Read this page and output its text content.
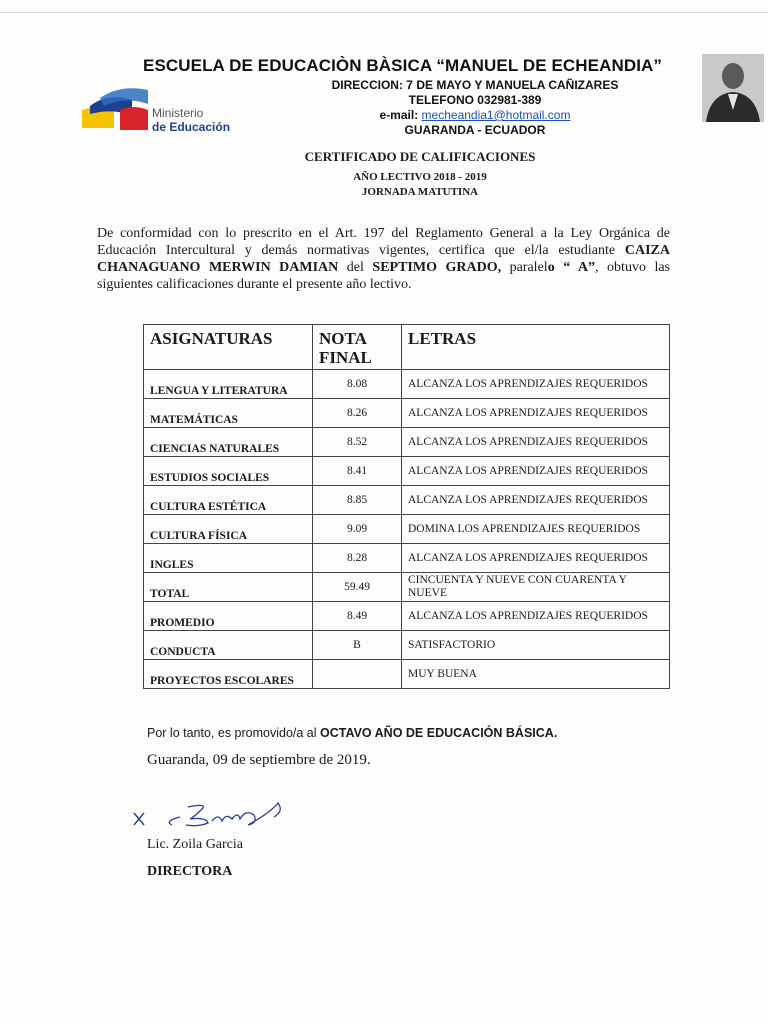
Ministerio
de Educación
ESCUELA DE EDUCACIÒN BÀSICA “MANUEL DE ECHEANDIA”
DIRECCION: 7 DE MAYO Y MANUELA CAÑIZARES
TELEFONO 032981-389
e-mail: mecheandia1@hotmail.com
GUARANDA - ECUADOR
CERTIFICADO DE CALIFICACIONES
AÑO LECTIVO 2018 - 2019
JORNADA MATUTINA
De conformidad con lo prescrito en el Art. 197 del Reglamento General a la Ley Orgánica de Educación Intercultural y demás normativas vigentes, certifica que el/la estudiante CAIZA CHANAGUANO MERWIN DAMIAN del SEPTIMO GRADO, paralelo “ A”, obtuvo las siguientes calificaciones durante el presente año lectivo.
ASIGNATURAS	NOTA FINAL	LETRAS
LENGUA Y LITERATURA	8.08	ALCANZA LOS APRENDIZAJES REQUERIDOS
MATEMÁTICAS	8.26	ALCANZA LOS APRENDIZAJES REQUERIDOS
CIENCIAS NATURALES	8.52	ALCANZA LOS APRENDIZAJES REQUERIDOS
ESTUDIOS SOCIALES	8.41	ALCANZA LOS APRENDIZAJES REQUERIDOS
CULTURA ESTÉTICA	8.85	ALCANZA LOS APRENDIZAJES REQUERIDOS
CULTURA FÍSICA	9.09	DOMINA LOS APRENDIZAJES REQUERIDOS
INGLES	8.28	ALCANZA LOS APRENDIZAJES REQUERIDOS
TOTAL	59.49	CINCUENTA Y NUEVE CON CUARENTA Y NUEVE
PROMEDIO	8.49	ALCANZA LOS APRENDIZAJES REQUERIDOS
CONDUCTA	B	SATISFACTORIO
PROYECTOS ESCOLARES		MUY BUENA
Por lo tanto, es promovido/a al OCTAVO AÑO DE EDUCACIÓN BÁSICA.
Guaranda, 09 de septiembre de 2019.
Lic. Zoila Garcia
DIRECTORA
